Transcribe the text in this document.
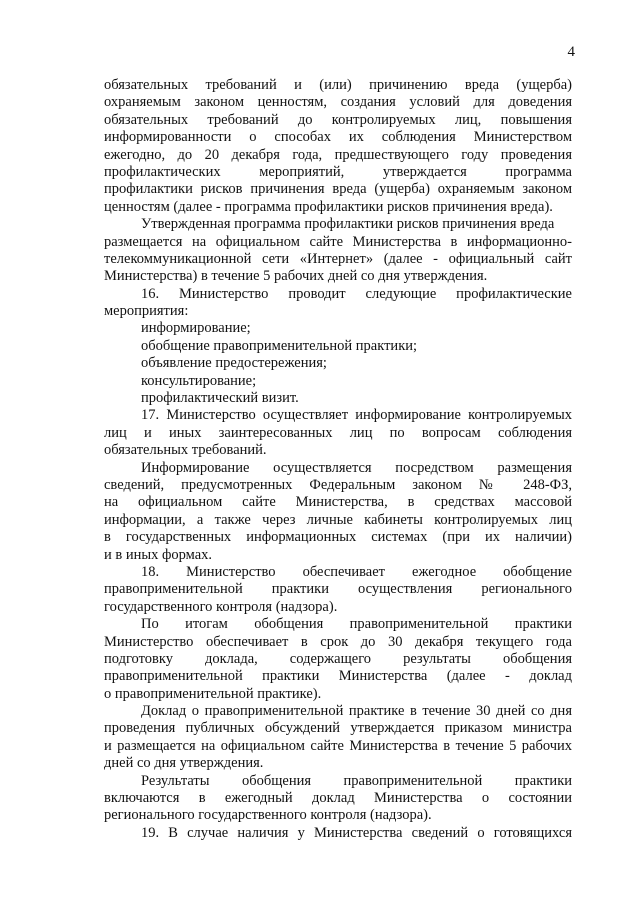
4
обязательных требований и (или) причинению вреда (ущерба)
охраняемым законом ценностям, создания условий для доведения
обязательных требований до контролируемых лиц, повышения
информированности о способах их соблюдения Министерством
ежегодно, до 20 декабря года, предшествующего году проведения
профилактических мероприятий, утверждается программа
профилактики рисков причинения вреда (ущерба) охраняемым законом
ценностям (далее - программа профилактики рисков причинения вреда).
Утвержденная программа профилактики рисков причинения вреда
размещается на официальном сайте Министерства в информационно-
телекоммуникационной сети «Интернет» (далее - официальный сайт
Министерства) в течение 5 рабочих дней со дня утверждения.
16. Министерство проводит следующие профилактические
мероприятия:
информирование;
обобщение правоприменительной практики;
объявление предостережения;
консультирование;
профилактический визит.
17. Министерство осуществляет информирование контролируемых
лиц и иных заинтересованных лиц по вопросам соблюдения
обязательных требований.
Информирование осуществляется посредством размещения
сведений, предусмотренных Федеральным законом № 248-ФЗ,
на официальном сайте Министерства, в средствах массовой
информации, а также через личные кабинеты контролируемых лиц
в государственных информационных системах (при их наличии)
и в иных формах.
18. Министерство обеспечивает ежегодное обобщение
правоприменительной практики осуществления регионального
государственного контроля (надзора).
По итогам обобщения правоприменительной практики
Министерство обеспечивает в срок до 30 декабря текущего года
подготовку доклада, содержащего результаты обобщения
правоприменительной практики Министерства (далее - доклад
о правоприменительной практике).
Доклад о правоприменительной практике в течение 30 дней со дня
проведения публичных обсуждений утверждается приказом министра
и размещается на официальном сайте Министерства в течение 5 рабочих
дней со дня утверждения.
Результаты обобщения правоприменительной практики
включаются в ежегодный доклад Министерства о состоянии
регионального государственного контроля (надзора).
19. В случае наличия у Министерства сведений о готовящихся
